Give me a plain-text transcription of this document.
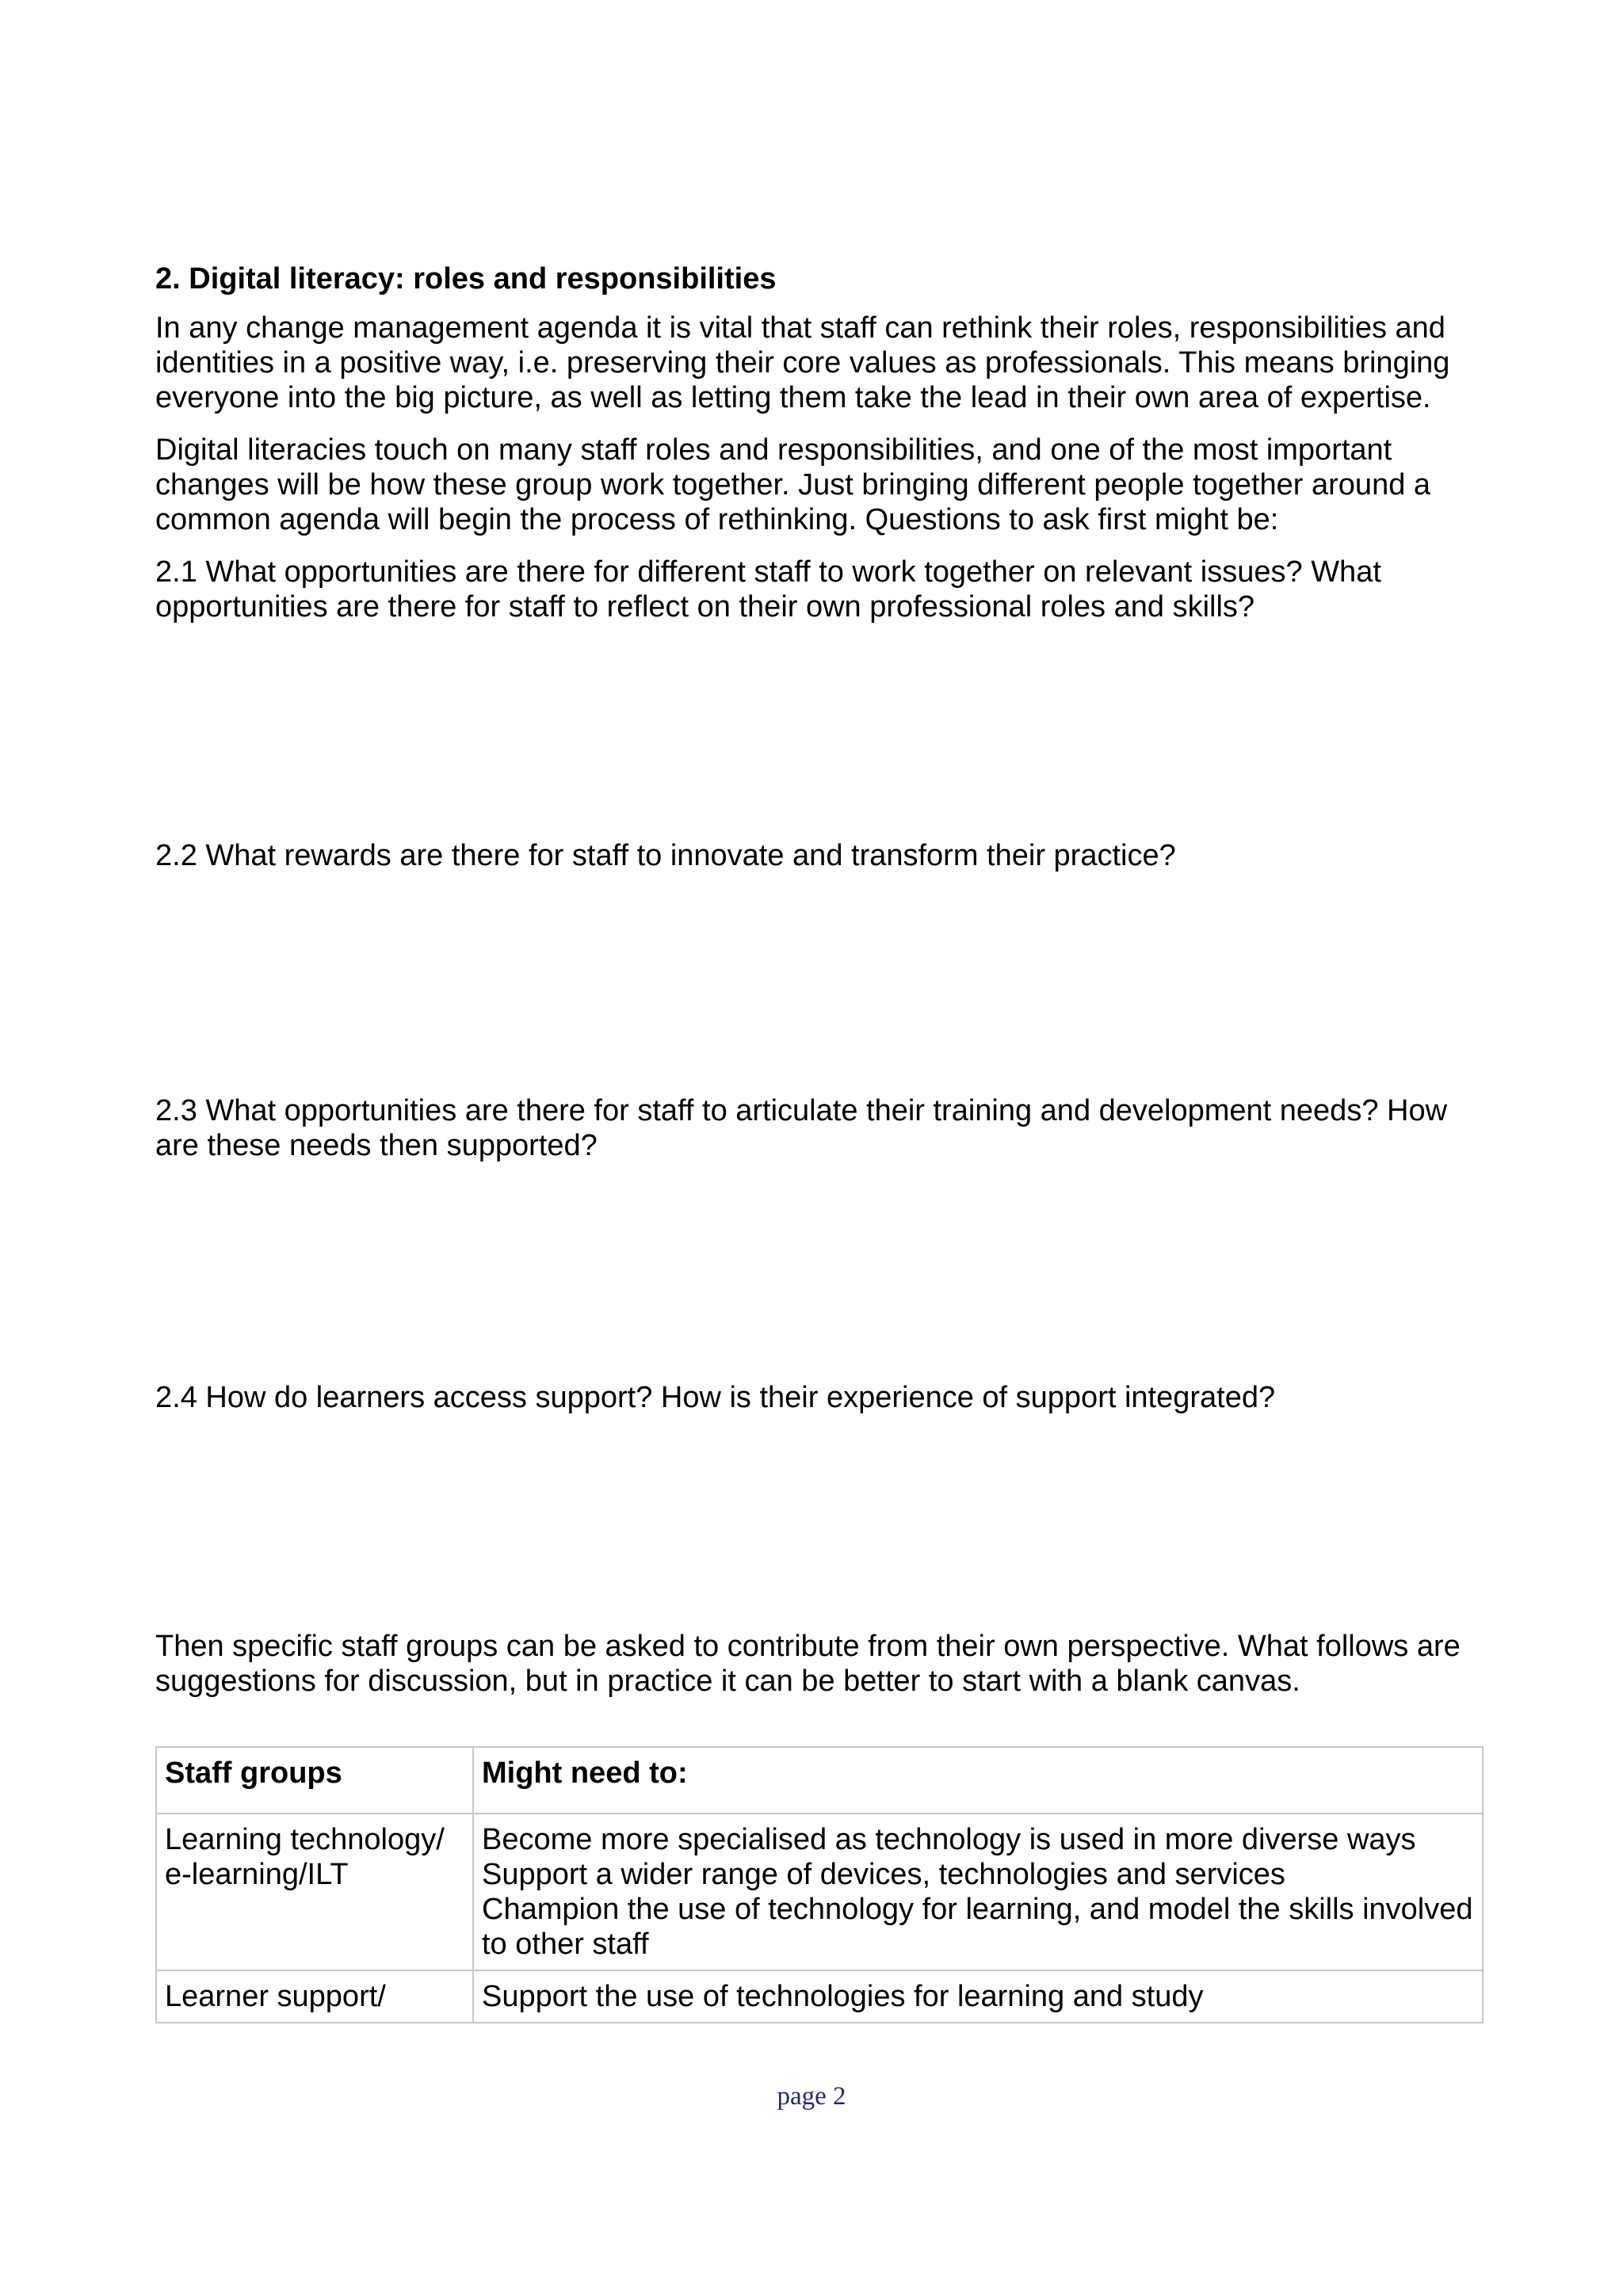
2. Digital literacy: roles and responsibilities

In any change management agenda it is vital that staff can rethink their roles, responsibilities and identities in a positive way, i.e. preserving their core values as professionals. This means bringing everyone into the big picture, as well as letting them take the lead in their own area of expertise.

Digital literacies touch on many staff roles and responsibilities, and one of the most important changes will be how these group work together. Just bringing different people together around a common agenda will begin the process of rethinking. Questions to ask first might be:

2.1 What opportunities are there for different staff to work together on relevant issues? What opportunities are there for staff to reflect on their own professional roles and skills?

2.2 What rewards are there for staff to innovate and transform their practice?

2.3 What opportunities are there for staff to articulate their training and development needs? How are these needs then supported?

2.4 How do learners access support? How is their experience of support integrated?

Then specific staff groups can be asked to contribute from their own perspective. What follows are suggestions for discussion, but in practice it can be better to start with a blank canvas.

Staff groups	Might need to:

Learning technology/
e-learning/ILT	Become more specialised as technology is used in more diverse ways
Support a wider range of devices, technologies and services
Champion the use of technology for learning, and model the skills involved to other staff

Learner support/	Support the use of technologies for learning and study
page 2
